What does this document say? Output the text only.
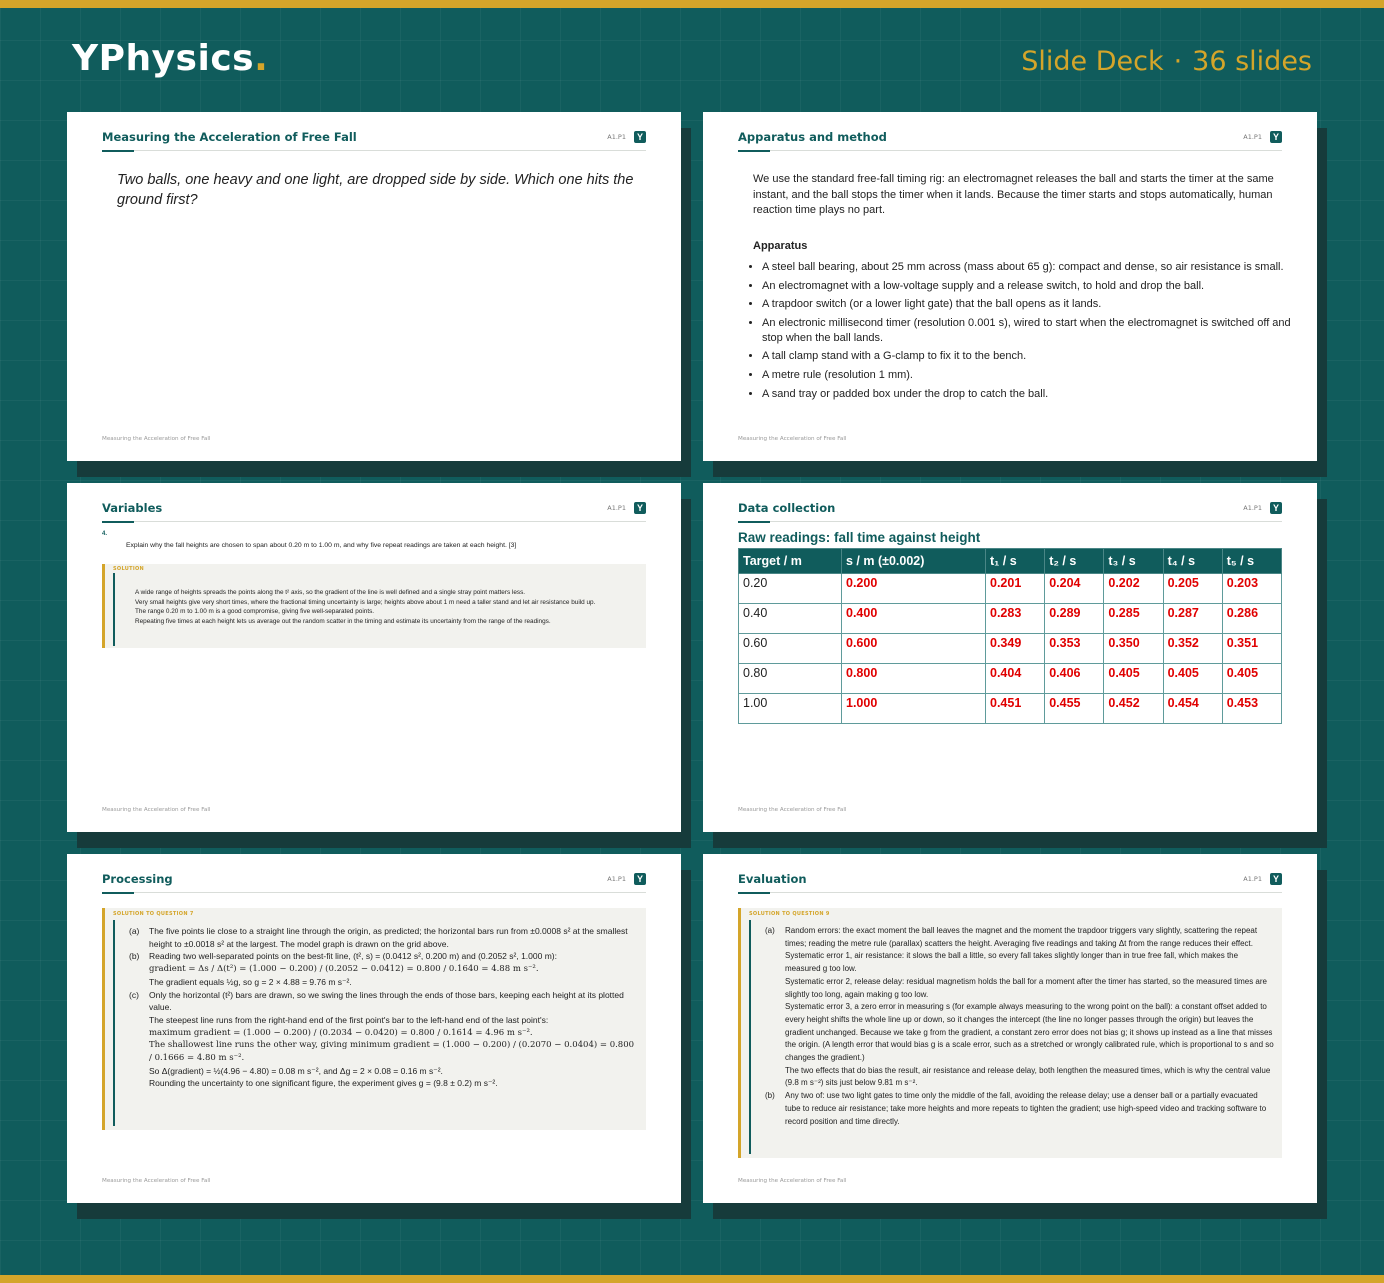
YPhysics.	Slide Deck · 36 slides
Measuring the Acceleration of Free Fall	A1.P1	Y
Two balls, one heavy and one light, are dropped side by side. Which one hits the ground first?
Measuring the Acceleration of Free Fall
Apparatus and method	A1.P1	Y
We use the standard free-fall timing rig: an electromagnet releases the ball and starts the timer at the same instant, and the ball stops the timer when it lands. Because the timer starts and stops automatically, human reaction time plays no part.
Apparatus
• A steel ball bearing, about 25 mm across (mass about 65 g): compact and dense, so air resistance is small.
• An electromagnet with a low-voltage supply and a release switch, to hold and drop the ball.
• A trapdoor switch (or a lower light gate) that the ball opens as it lands.
• An electronic millisecond timer (resolution 0.001 s), wired to start when the electromagnet is switched off and stop when the ball lands.
• A tall clamp stand with a G-clamp to fix it to the bench.
• A metre rule (resolution 1 mm).
• A sand tray or padded box under the drop to catch the ball.
Measuring the Acceleration of Free Fall
Variables	A1.P1	Y
4.
Explain why the fall heights are chosen to span about 0.20 m to 1.00 m, and why five repeat readings are taken at each height. [3]
SOLUTION

A wide range of heights spreads the points along the t² axis, so the gradient of the line is well defined and a single stray point matters less.

Very small heights give very short times, where the fractional timing uncertainty is large; heights above about 1 m need a taller stand and let air resistance build up.

The range 0.20 m to 1.00 m is a good compromise, giving five well-separated points.

Repeating five times at each height lets us average out the random scatter in the timing and estimate its uncertainty from the range of the readings.

Measuring the Acceleration of Free Fall
Data collection	A1.P1	Y
Raw readings: fall time against height
Target / m	s / m (±0.002)	t₁ / s	t₂ / s	t₃ / s	t₄ / s	t₅ / s
0.20	0.200	0.201	0.204	0.202	0.205	0.203
0.40	0.400	0.283	0.289	0.285	0.287	0.286
0.60	0.600	0.349	0.353	0.350	0.352	0.351
0.80	0.800	0.404	0.406	0.405	0.405	0.405
1.00	1.000	0.451	0.455	0.452	0.454	0.453
Measuring the Acceleration of Free Fall
Processing	A1.P1	Y
SOLUTION TO QUESTION 7
(a) The five points lie close to a straight line through the origin, as predicted; the horizontal bars run from ±0.0008 s² at the smallest height to ±0.0018 s² at the largest. The model graph is drawn on the grid above.
(b) Reading two well-separated points on the best-fit line, (t², s) = (0.0412 s², 0.200 m) and (0.2052 s², 1.000 m):
gradient = Δs / Δ(t²) = (1.000 − 0.200) / (0.2052 − 0.0412) = 0.800 / 0.1640 = 4.88 m s⁻².
The gradient equals ½g, so g = 2 × 4.88 = 9.76 m s⁻².
(c) Only the horizontal (t²) bars are drawn, so we swing the lines through the ends of those bars, keeping each height at its plotted value.
The steepest line runs from the right-hand end of the first point's bar to the left-hand end of the last point's:
maximum gradient = (1.000 − 0.200) / (0.2034 − 0.0420) = 0.800 / 0.1614 = 4.96 m s⁻².
The shallowest line runs the other way, giving minimum gradient = (1.000 − 0.200) / (0.2070 − 0.0404) = 0.800 / 0.1666 = 4.80 m s⁻².
So Δ(gradient) = ½(4.96 − 4.80) = 0.08 m s⁻², and Δg = 2 × 0.08 = 0.16 m s⁻².
Rounding the uncertainty to one significant figure, the experiment gives g = (9.8 ± 0.2) m s⁻².
Measuring the Acceleration of Free Fall
Evaluation	A1.P1	Y
SOLUTION TO QUESTION 9
(a) Random errors: the exact moment the ball leaves the magnet and the moment the trapdoor triggers vary slightly, scattering the repeat times; reading the metre rule (parallax) scatters the height. Averaging five readings and taking Δt from the range reduces their effect.

Systematic error 1, air resistance: it slows the ball a little, so every fall takes slightly longer than in true free fall, which makes the measured g too low.

Systematic error 2, release delay: residual magnetism holds the ball for a moment after the timer has started, so the measured times are slightly too long, again making g too low.

Systematic error 3, a zero error in measuring s (for example always measuring to the wrong point on the ball): a constant offset added to every height shifts the whole line up or down, so it changes the intercept (the line no longer passes through the origin) but leaves the gradient unchanged. Because we take g from the gradient, a constant zero error does not bias g; it shows up instead as a line that misses the origin. (A length error that would bias g is a scale error, such as a stretched or wrongly calibrated rule, which is proportional to s and so changes the gradient.)

The two effects that do bias the result, air resistance and release delay, both lengthen the measured times, which is why the central value (9.8 m s⁻²) sits just below 9.81 m s⁻².

(b) Any two of: use two light gates to time only the middle of the fall, avoiding the release delay; use a denser ball or a partially evacuated tube to reduce air resistance; take more heights and more repeats to tighten the gradient; use high-speed video and tracking software to record position and time directly.

Measuring the Acceleration of Free Fall
